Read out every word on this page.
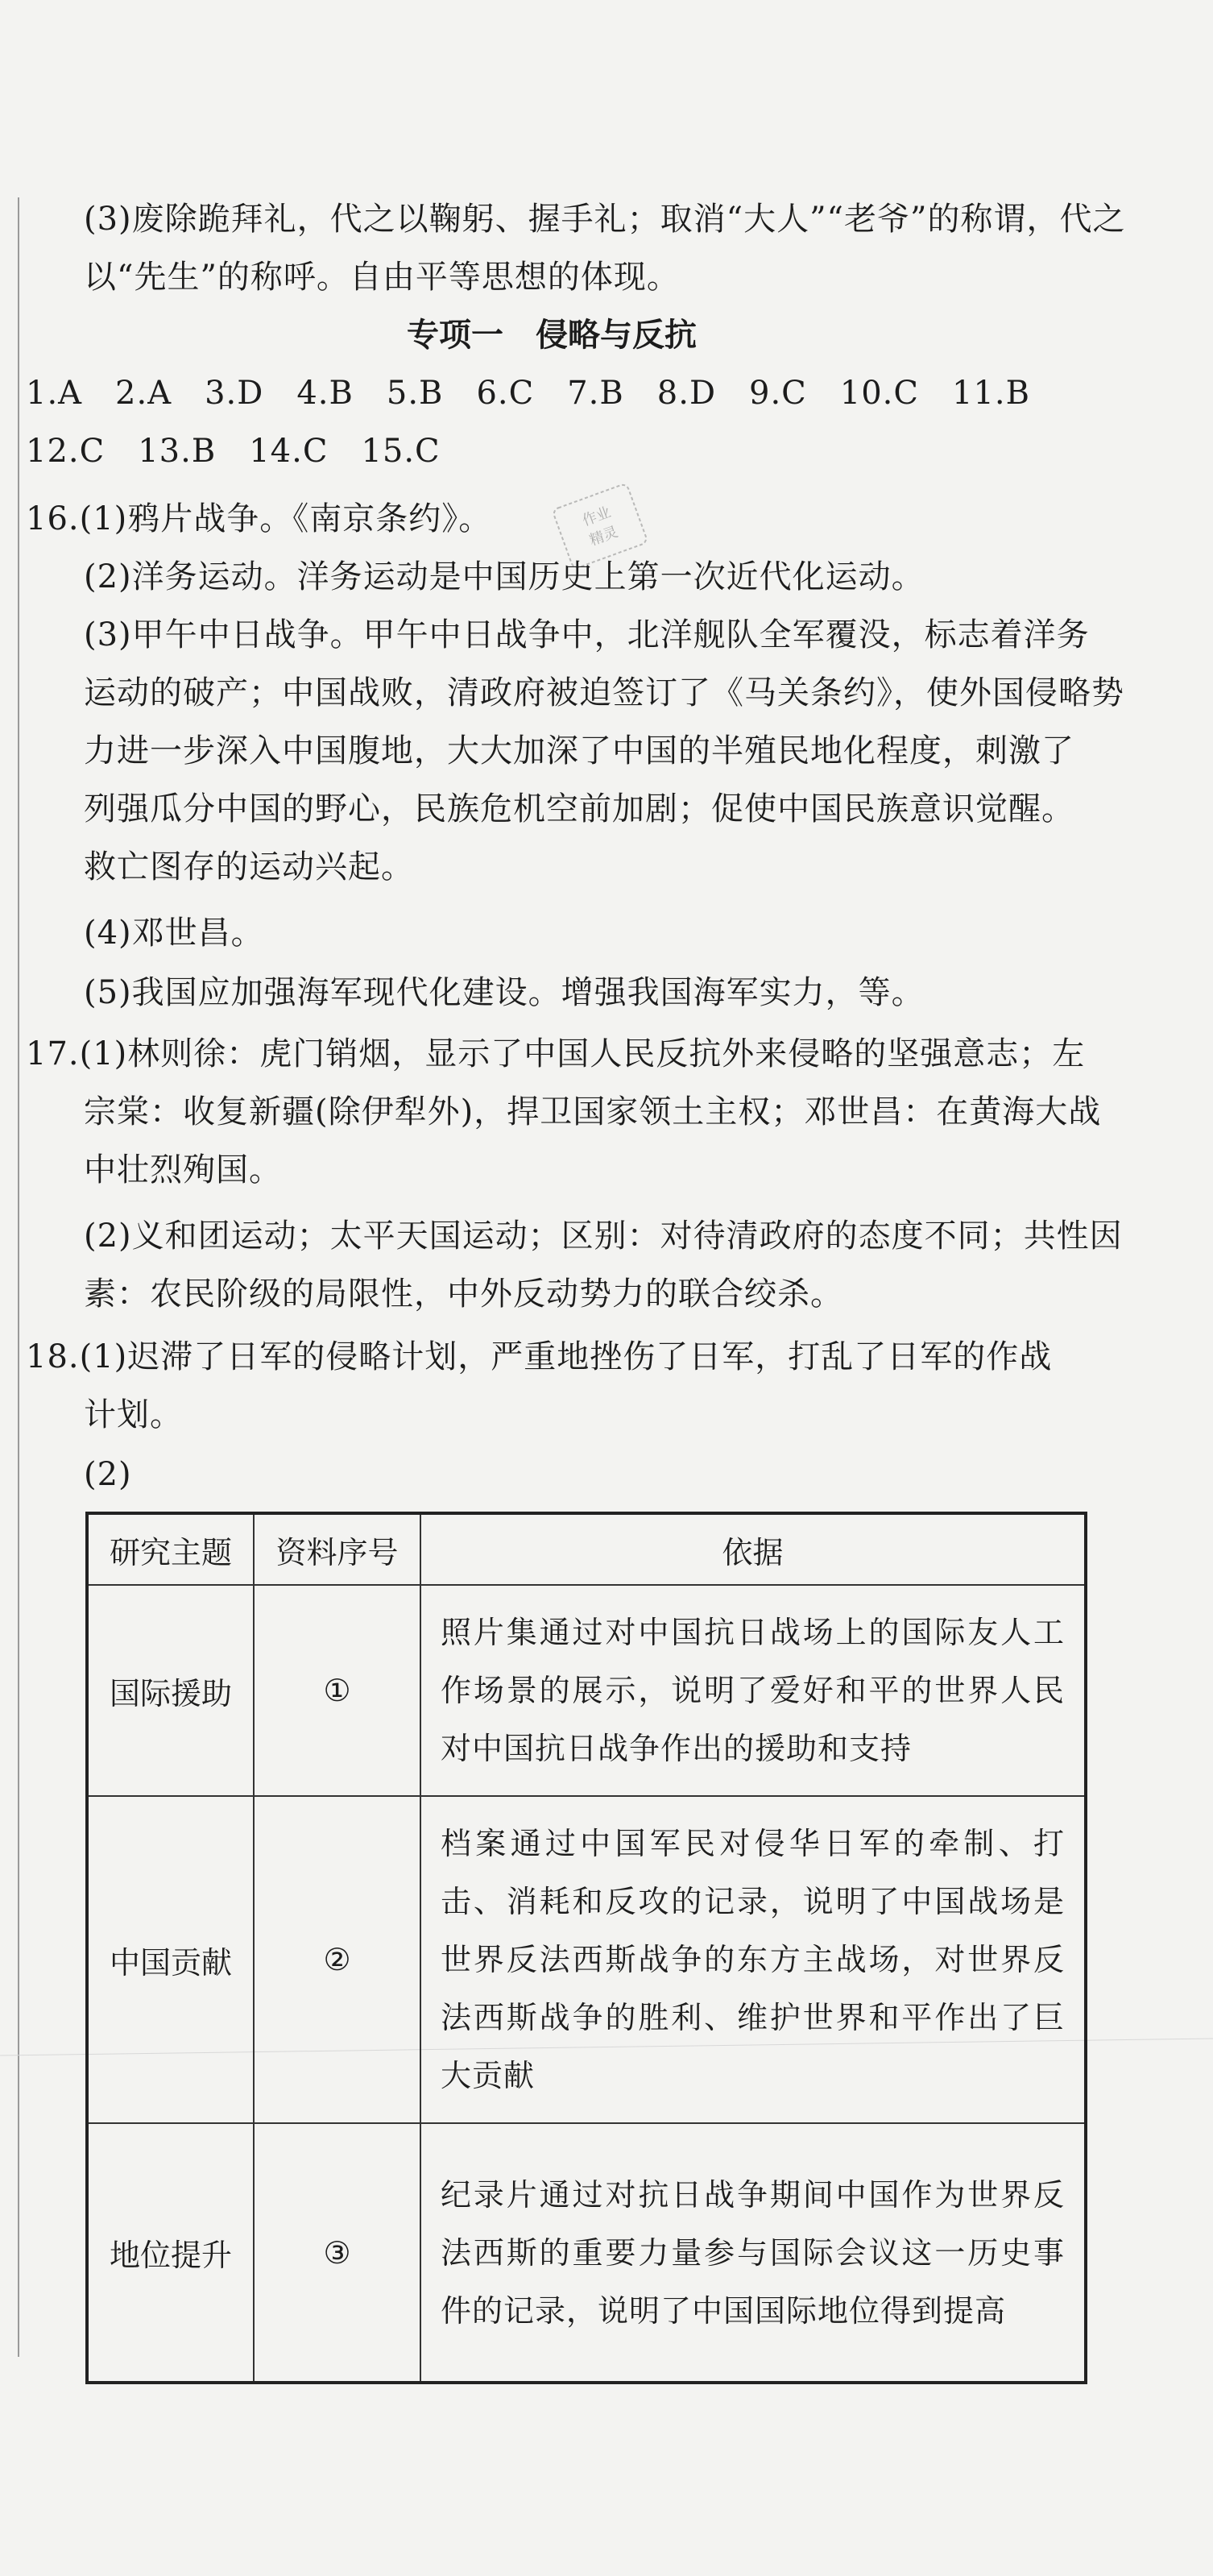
(3)废除跪拜礼，代之以鞠躬、握手礼；取消“大人”“老爷”的称谓，代之
以“先生”的称呼。自由平等思想的体现。
专项一　侵略与反抗
1.A　2.A　3.D　4.B　5.B　6.C　7.B　8.D　9.C　10.C　11.B
12.C　13.B　14.C　15.C
16.(1)鸦片战争。《南京条约》。	作业
精灵
(2)洋务运动。洋务运动是中国历史上第一次近代化运动。
(3)甲午中日战争。甲午中日战争中，北洋舰队全军覆没，标志着洋务
运动的破产；中国战败，清政府被迫签订了《马关条约》，使外国侵略势
力进一步深入中国腹地，大大加深了中国的半殖民地化程度，刺激了
列强瓜分中国的野心，民族危机空前加剧；促使中国民族意识觉醒。
救亡图存的运动兴起。
(4)邓世昌。
(5)我国应加强海军现代化建设。增强我国海军实力，等。
17.(1)林则徐：虎门销烟，显示了中国人民反抗外来侵略的坚强意志；左
宗棠：收复新疆(除伊犁外)，捍卫国家领土主权；邓世昌：在黄海大战
中壮烈殉国。
(2)义和团运动；太平天国运动；区别：对待清政府的态度不同；共性因
素：农民阶级的局限性，中外反动势力的联合绞杀。
18.(1)迟滞了日军的侵略计划，严重地挫伤了日军，打乱了日军的作战
计划。
(2)
研究主题	资料序号	依据
国际援助	①	照片集通过对中国抗日战场上的国际友人工作场景的展示，说明了爱好和平的世界人民对中国抗日战争作出的援助和支持
中国贡献	②	档案通过中国军民对侵华日军的牵制、打击、消耗和反攻的记录，说明了中国战场是世界反法西斯战争的东方主战场，对世界反法西斯战争的胜利、维护世界和平作出了巨大贡献
地位提升	③	纪录片通过对抗日战争期间中国作为世界反法西斯的重要力量参与国际会议这一历史事件的记录，说明了中国国际地位得到提高
